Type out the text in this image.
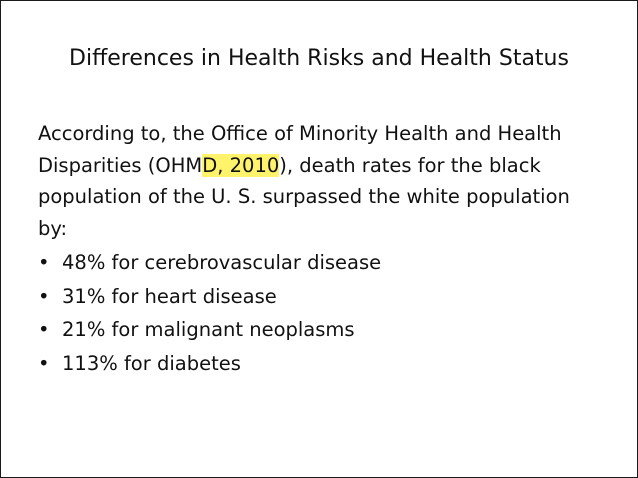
Differences in Health Risks and Health Status

According to, the Office of Minority Health and Health

Disparities (OHMD, 2010), death rates for the black

population of the U. S. surpassed the white population

by:

• 48% for cerebrovascular disease
• 31% for heart disease
• 21% for malignant neoplasms
• 113% for diabetes
